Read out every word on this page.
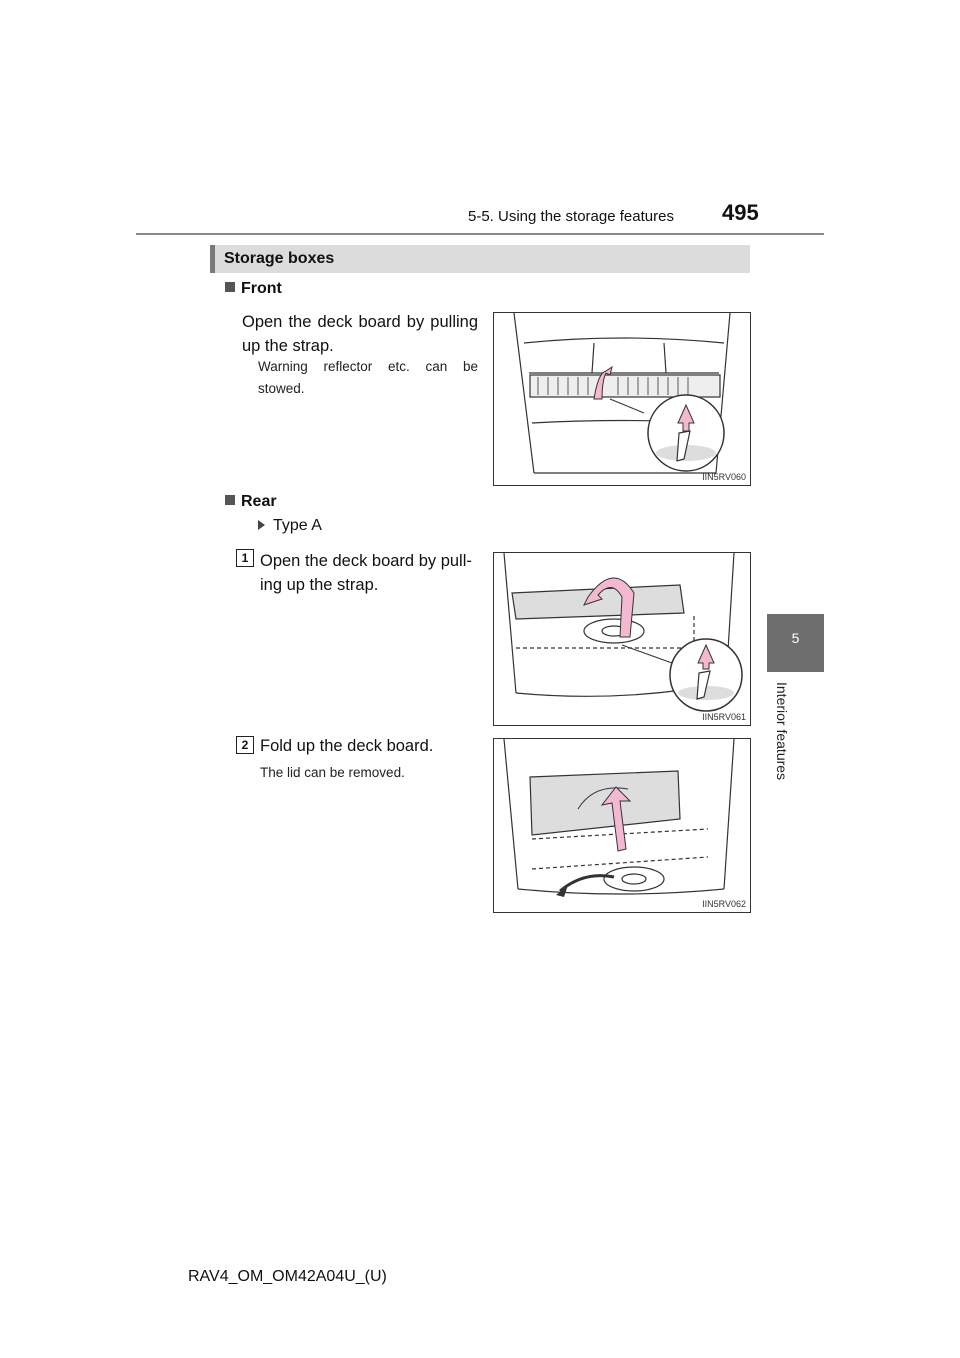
5-5. Using the storage features 495
5
Interior features
Storage boxes
Front
Open the deck board by pulling up the strap.
Warning reflector etc. can be stowed.
IIN5RV060
Rear
Type A
1 Open the deck board by pull-ing up the strap.
IIN5RV061
2 Fold up the deck board.
The lid can be removed.
IIN5RV062
RAV4_OM_OM42A04U_(U)
